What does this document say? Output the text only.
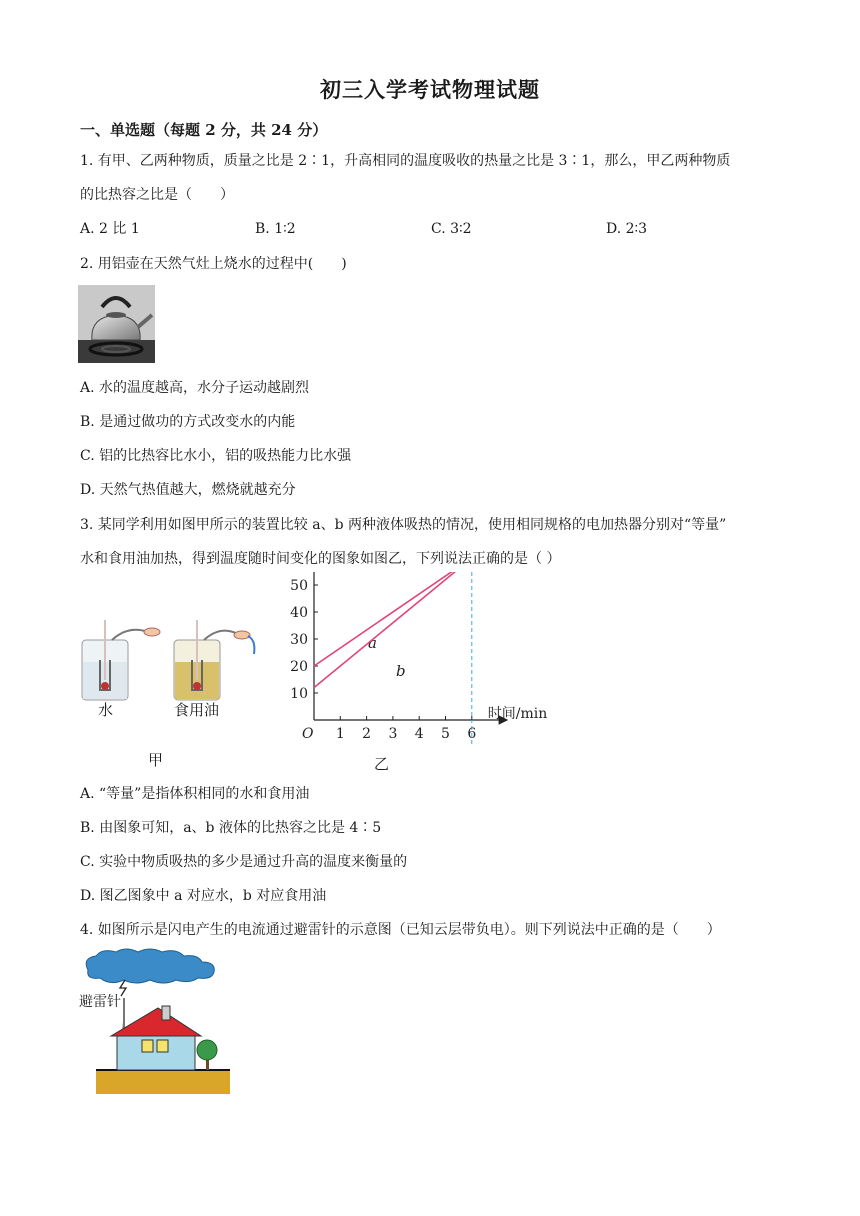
初三入学考试物理试题
一、单选题（每题 2 分，共 24 分）
1. 有甲、乙两种物质，质量之比是 2∶1，升高相同的温度吸收的热量之比是 3∶1，那么，甲乙两种物质
的比热容之比是（　　）
A. 2 比 1	B. 1∶2	C. 3∶2	D. 2∶3
2. 用铝壶在天然气灶上烧水的过程中(　　)
A. 水的温度越高，水分子运动越剧烈
B. 是通过做功的方式改变水的内能
C. 铝的比热容比水小，铝的吸热能力比水强
D. 天然气热值越大，燃烧就越充分
3. 某同学利用如图甲所示的装置比较 a、b 两种液体吸热的情况，使用相同规格的电加热器分别对“等量”
水和食用油加热，得到温度随时间变化的图象如图乙，下列说法正确的是（ ）
水	食用油
甲
时间/min
O 1 2 3 4 5 6
10
20
30
40
50
a
b
乙
A. “等量”是指体积相同的水和食用油
B. 由图象可知，a、b 液体的比热容之比是 4∶5
C. 实验中物质吸热的多少是通过升高的温度来衡量的
D. 图乙图象中 a 对应水，b 对应食用油
4. 如图所示是闪电产生的电流通过避雷针的示意图（已知云层带负电）。则下列说法中正确的是（　　）
避雷针
